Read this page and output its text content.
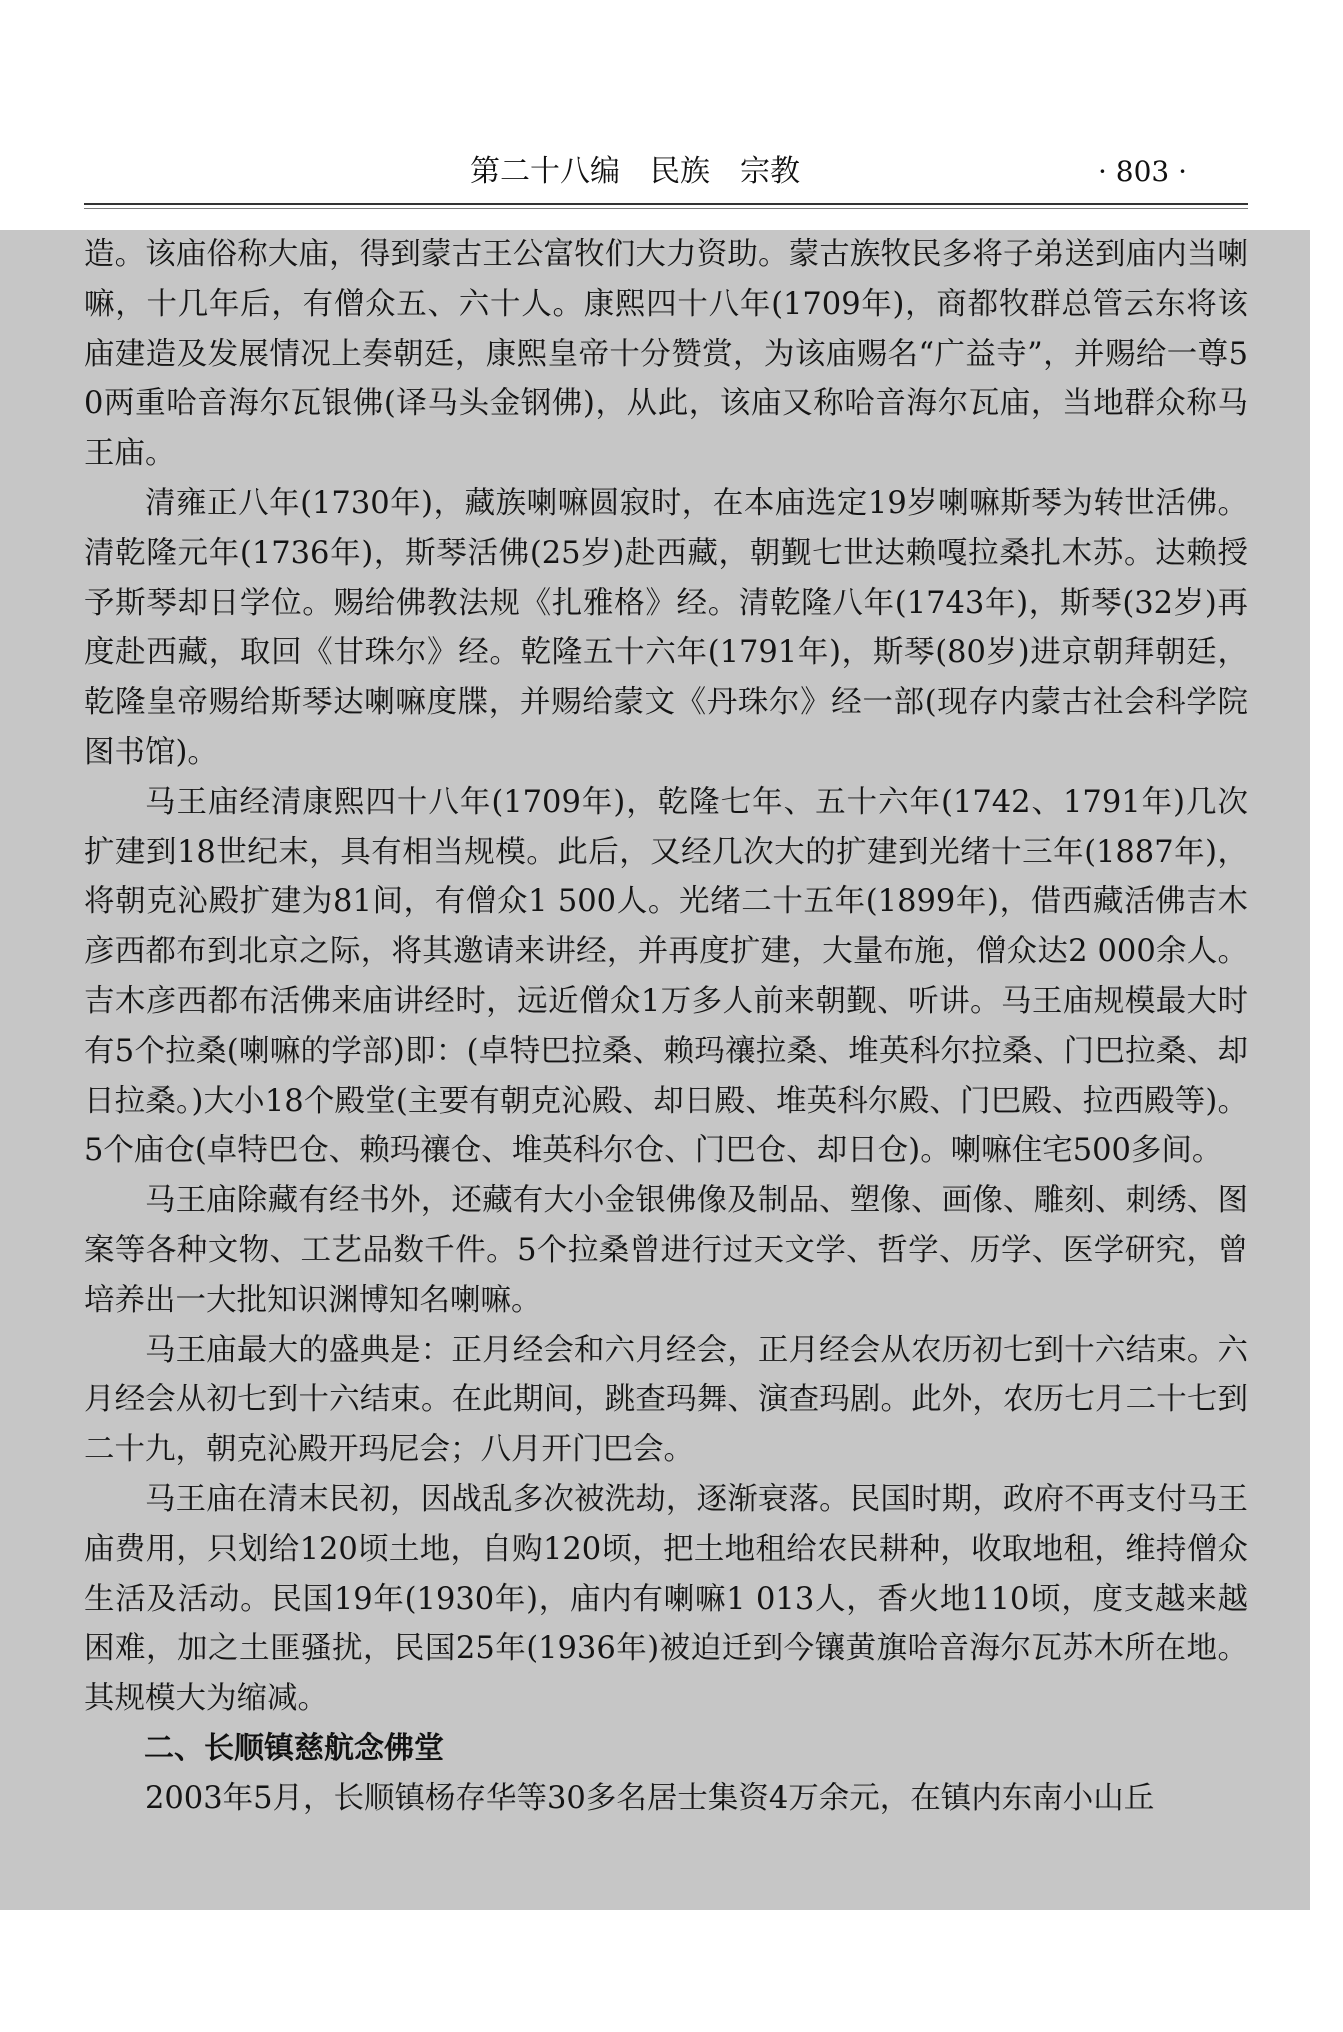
第二十八编　民族　宗教	· 803 ·

造。该庙俗称大庙，得到蒙古王公富牧们大力资助。蒙古族牧民多将子弟送到庙内当喇嘛，十几年后，有僧众五、六十人。康熙四十八年(1709年)，商都牧群总管云东将该庙建造及发展情况上奏朝廷，康熙皇帝十分赞赏，为该庙赐名“广益寺”，并赐给一尊50两重哈音海尔瓦银佛(译马头金钢佛)，从此，该庙又称哈音海尔瓦庙，当地群众称马王庙。

清雍正八年(1730年)，藏族喇嘛圆寂时，在本庙选定19岁喇嘛斯琴为转世活佛。清乾隆元年(1736年)，斯琴活佛(25岁)赴西藏，朝觐七世达赖嘎拉桑扎木苏。达赖授予斯琴却日学位。赐给佛教法规《扎雅格》经。清乾隆八年(1743年)，斯琴(32岁)再度赴西藏，取回《甘珠尔》经。乾隆五十六年(1791年)，斯琴(80岁)进京朝拜朝廷，乾隆皇帝赐给斯琴达喇嘛度牒，并赐给蒙文《丹珠尔》经一部(现存内蒙古社会科学院图书馆)。

马王庙经清康熙四十八年(1709年)，乾隆七年、五十六年(1742、1791年)几次扩建到18世纪末，具有相当规模。此后，又经几次大的扩建到光绪十三年(1887年)，将朝克沁殿扩建为81间，有僧众1 500人。光绪二十五年(1899年)，借西藏活佛吉木彦西都布到北京之际，将其邀请来讲经，并再度扩建，大量布施，僧众达2 000余人。吉木彦西都布活佛来庙讲经时，远近僧众1万多人前来朝觐、听讲。马王庙规模最大时有5个拉桑(喇嘛的学部)即：(卓特巴拉桑、赖玛禳拉桑、堆英科尔拉桑、门巴拉桑、却日拉桑。)大小18个殿堂(主要有朝克沁殿、却日殿、堆英科尔殿、门巴殿、拉西殿等)。5个庙仓(卓特巴仓、赖玛禳仓、堆英科尔仓、门巴仓、却日仓)。喇嘛住宅500多间。

马王庙除藏有经书外，还藏有大小金银佛像及制品、塑像、画像、雕刻、刺绣、图案等各种文物、工艺品数千件。5个拉桑曾进行过天文学、哲学、历学、医学研究，曾培养出一大批知识渊博知名喇嘛。

马王庙最大的盛典是：正月经会和六月经会，正月经会从农历初七到十六结束。六月经会从初七到十六结束。在此期间，跳查玛舞、演查玛剧。此外，农历七月二十七到二十九，朝克沁殿开玛尼会；八月开门巴会。

马王庙在清末民初，因战乱多次被洗劫，逐渐衰落。民国时期，政府不再支付马王庙费用，只划给120顷土地，自购120顷，把土地租给农民耕种，收取地租，维持僧众生活及活动。民国19年(1930年)，庙内有喇嘛1 013人，香火地110顷，度支越来越困难，加之土匪骚扰，民国25年(1936年)被迫迁到今镶黄旗哈音海尔瓦苏木所在地。其规模大为缩减。

二、长顺镇慈航念佛堂

2003年5月，长顺镇杨存华等30多名居士集资4万余元，在镇内东南小山丘
